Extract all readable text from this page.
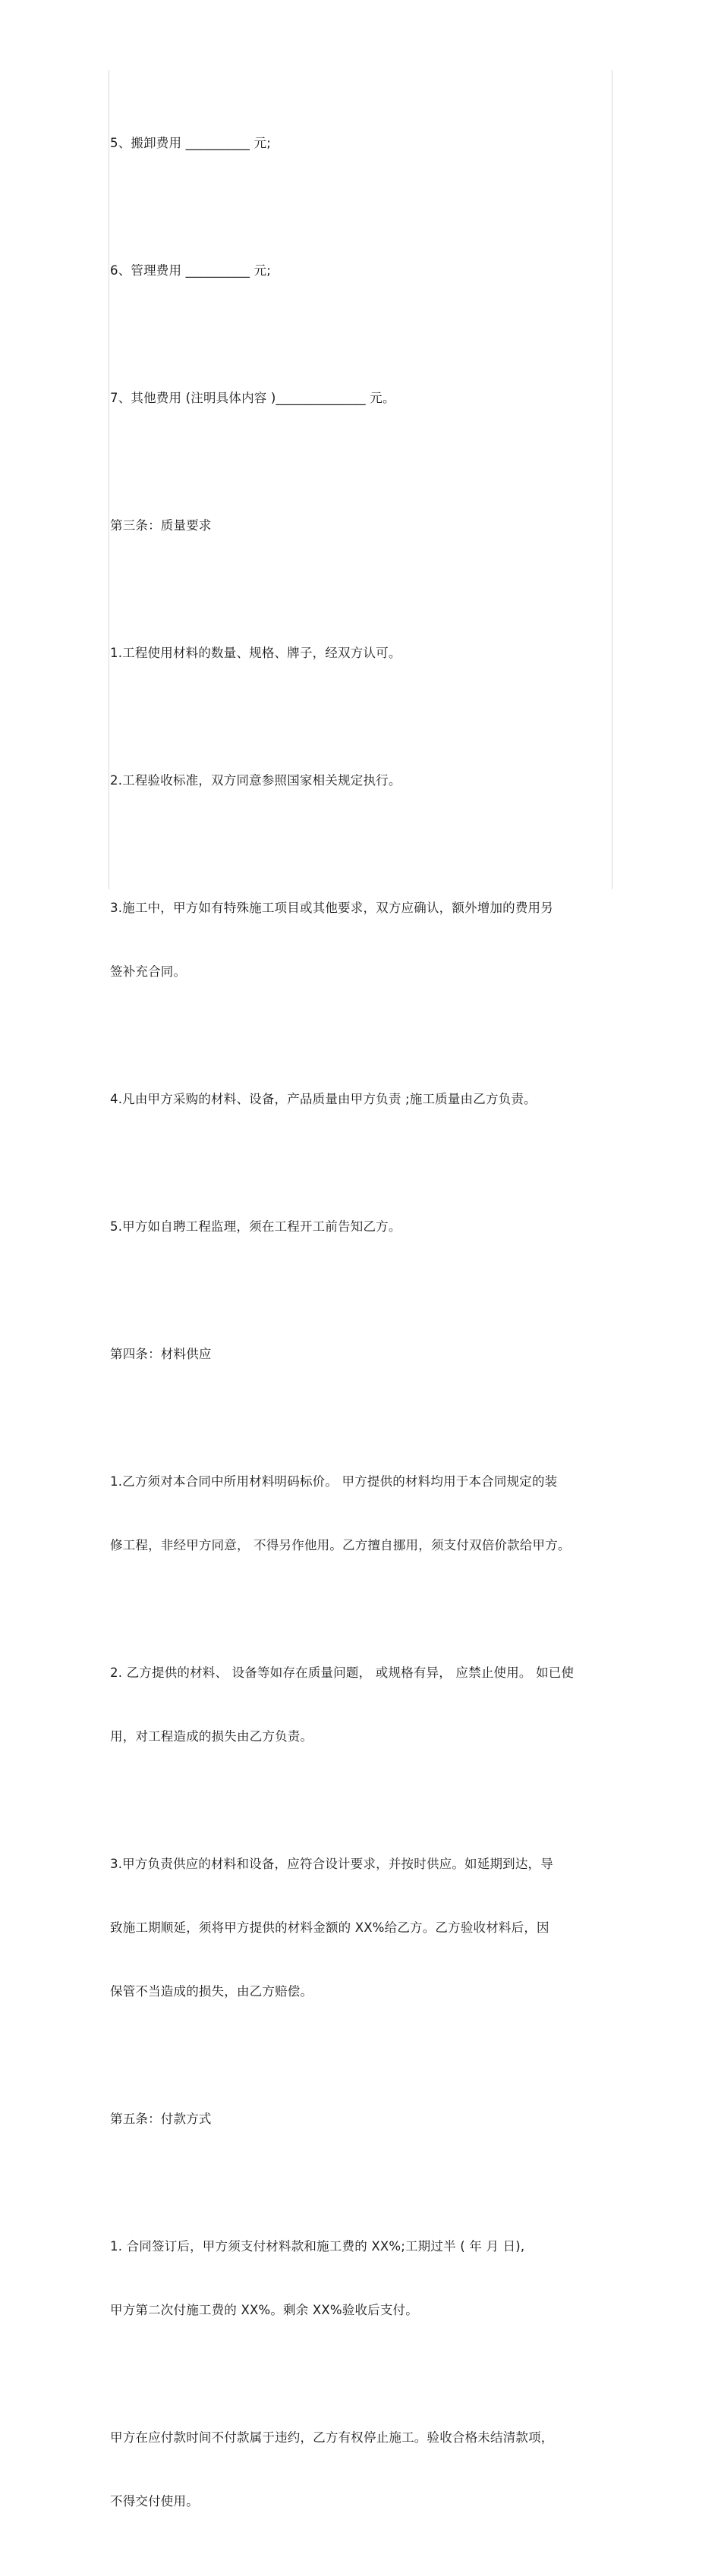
5、搬卸费用 __________ 元;

6、管理费用 __________ 元;

7、其他费用 (注明具体内容 )______________ 元。

第三条：质量要求

1.工程使用材料的数量、规格、牌子，经双方认可。

2.工程验收标准，双方同意参照国家相关规定执行。

3.施工中，甲方如有特殊施工项目或其他要求，双方应确认，额外增加的费用另

签补充合同。

4.凡由甲方采购的材料、设备，产品质量由甲方负责 ;施工质量由乙方负责。

5.甲方如自聘工程监理，须在工程开工前告知乙方。

第四条：材料供应

1.乙方须对本合同中所用材料明码标价。 甲方提供的材料均用于本合同规定的装

修工程，非经甲方同意， 不得另作他用。乙方擅自挪用，须支付双倍价款给甲方。

2. 乙方提供的材料、 设备等如存在质量问题， 或规格有异， 应禁止使用。 如已使

用，对工程造成的损失由乙方负责。

3.甲方负责供应的材料和设备，应符合设计要求，并按时供应。如延期到达，导

致施工期顺延，须将甲方提供的材料金额的 XX%给乙方。乙方验收材料后，因

保管不当造成的损失，由乙方赔偿。

第五条：付款方式

1. 合同签订后，甲方须支付材料款和施工费的 XX%;工期过半 ( 年 月 日),

甲方第二次付施工费的 XX%。剩余 XX%验收后支付。

甲方在应付款时间不付款属于违约，乙方有权停止施工。验收合格未结清款项，

不得交付使用。
